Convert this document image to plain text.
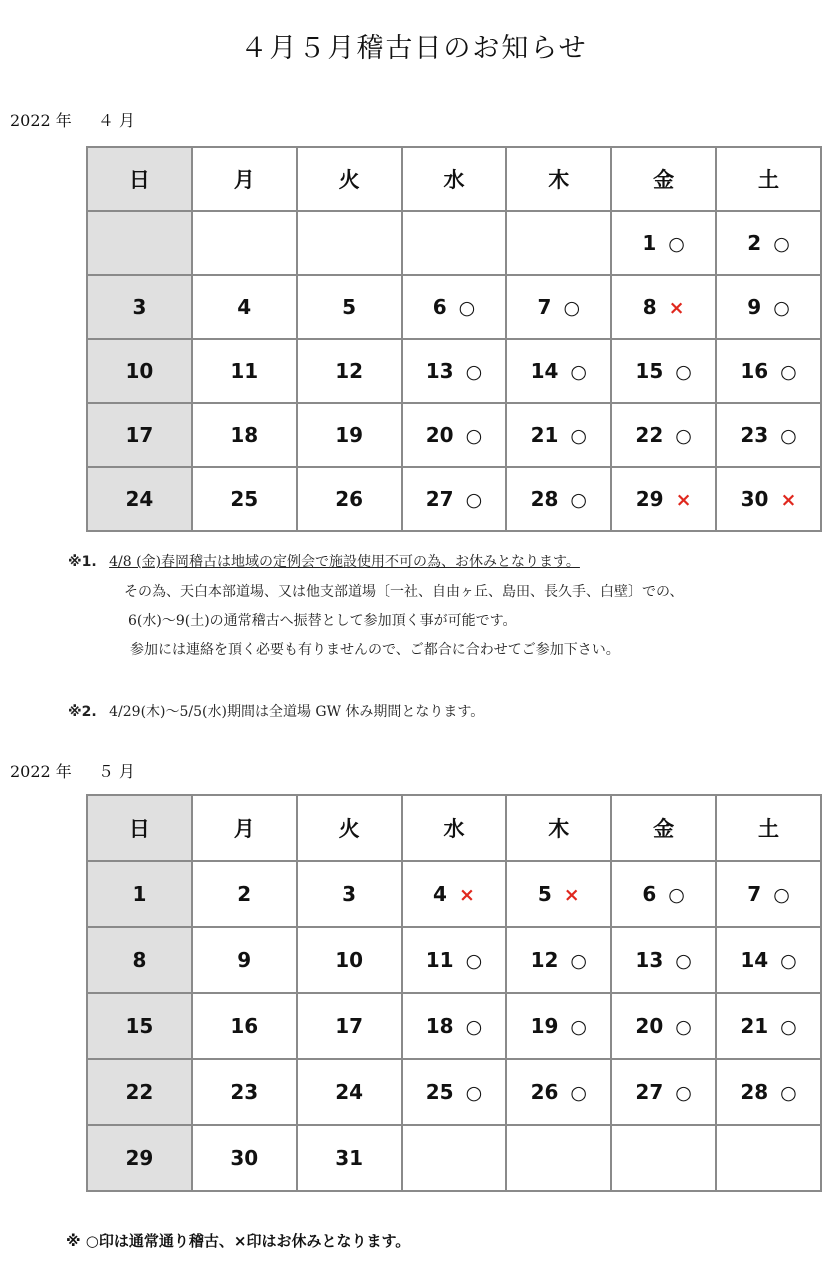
４月５月稽古日のお知らせ
2022 年 ４ 月
日	月	火	水	木	金	土
					1 ○	2 ○
3	4	5	6 ○	7 ○	8 ×	9 ○
10	11	12	13 ○	14 ○	15 ○	16 ○
17	18	19	20 ○	21 ○	22 ○	23 ○
24	25	26	27 ○	28 ○	29 ×	30 ×
※1. 4/8 (金)春岡稽古は地域の定例会で施設使用不可の為、お休みとなります。
その為、天白本部道場、又は他支部道場〔一社、自由ヶ丘、島田、長久手、白壁〕での、
6(水)～9(土)の通常稽古へ振替として参加頂く事が可能です。
参加には連絡を頂く必要も有りませんので、ご都合に合わせてご参加下さい。
※2. 4/29(木)～5/5(水)期間は全道場 GW 休み期間となります。
2022 年 ５ 月
日	月	火	水	木	金	土
1	2	3	4 ×	5 ×	6 ○	7 ○
8	9	10	11 ○	12 ○	13 ○	14 ○
15	16	17	18 ○	19 ○	20 ○	21 ○
22	23	24	25 ○	26 ○	27 ○	28 ○
29	30	31				
※ ○印は通常通り稽古、×印はお休みとなります。
